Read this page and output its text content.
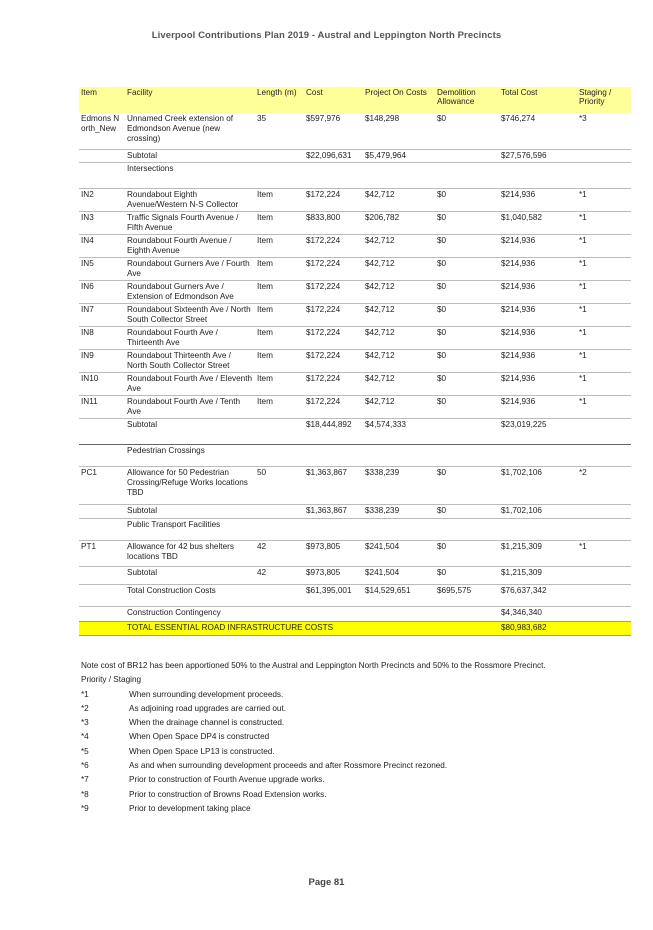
Liverpool Contributions Plan 2019 - Austral and Leppington North Precincts
Item	Facility	Length (m)	Cost	Project On Costs	Demolition Allowance	Total Cost	Staging / Priority
Edmons North_New	Unnamed Creek extension of Edmondson Avenue (new crossing)	35	$597,976	$148,298	$0	$746,274	*3
	Subtotal		$22,096,631	$5,479,964		$27,576,596	
	Intersections						
IN2	Roundabout Eighth Avenue/Western N-S Collector	Item	$172,224	$42,712	$0	$214,936	*1
IN3	Traffic Signals Fourth Avenue / Fifth Avenue	Item	$833,800	$206,782	$0	$1,040,582	*1
IN4	Roundabout Fourth Avenue / Eighth Avenue	Item	$172,224	$42,712	$0	$214,936	*1
IN5	Roundabout Gurners Ave / Fourth Ave	Item	$172,224	$42,712	$0	$214,936	*1
IN6	Roundabout Gurners Ave / Extension of Edmondson Ave	Item	$172,224	$42,712	$0	$214,936	*1
IN7	Roundabout Sixteenth Ave / North South Collector Street	Item	$172,224	$42,712	$0	$214,936	*1
IN8	Roundabout Fourth Ave / Thirteenth Ave	Item	$172,224	$42,712	$0	$214,936	*1
IN9	Roundabout Thirteenth Ave / North South Collector Street	Item	$172,224	$42,712	$0	$214,936	*1
IN10	Roundabout Fourth Ave / Eleventh Ave	Item	$172,224	$42,712	$0	$214,936	*1
IN11	Roundabout Fourth Ave / Tenth Ave	Item	$172,224	$42,712	$0	$214,936	*1
	Subtotal		$18,444,892	$4,574,333		$23,019,225	
	Pedestrian Crossings						
PC1	Allowance for 50 Pedestrian Crossing/Refuge Works locations TBD	50	$1,363,867	$338,239	$0	$1,702,106	*2
	Subtotal		$1,363,867	$338,239	$0	$1,702,106	
	Public Transport Facilities						
PT1	Allowance for 42 bus shelters locations TBD	42	$973,805	$241,504	$0	$1,215,309	*1
	Subtotal	42	$973,805	$241,504	$0	$1,215,309	
	Total Construction Costs		$61,395,001	$14,529,651	$695,575	$76,637,342	
	Construction Contingency					$4,346,340	
	TOTAL ESSENTIAL ROAD INFRASTRUCTURE COSTS					$80,983,682	
Note cost of BR12 has been apportioned 50% to the Austral and Leppington North Precincts and 50% to the Rossmore Precinct.
Priority / Staging
*1	When surrounding development proceeds.
*2	As adjoining road upgrades are carried out.
*3	When the drainage channel is constructed.
*4	When Open Space DP4 is constructed
*5	When Open Space LP13 is constructed.
*6	As and when surrounding development proceeds and after Rossmore Precinct rezoned.
*7	Prior to construction of Fourth Avenue upgrade works.
*8	Prior to construction of Browns Road Extension works.
*9	Prior to development taking place
Page 81
